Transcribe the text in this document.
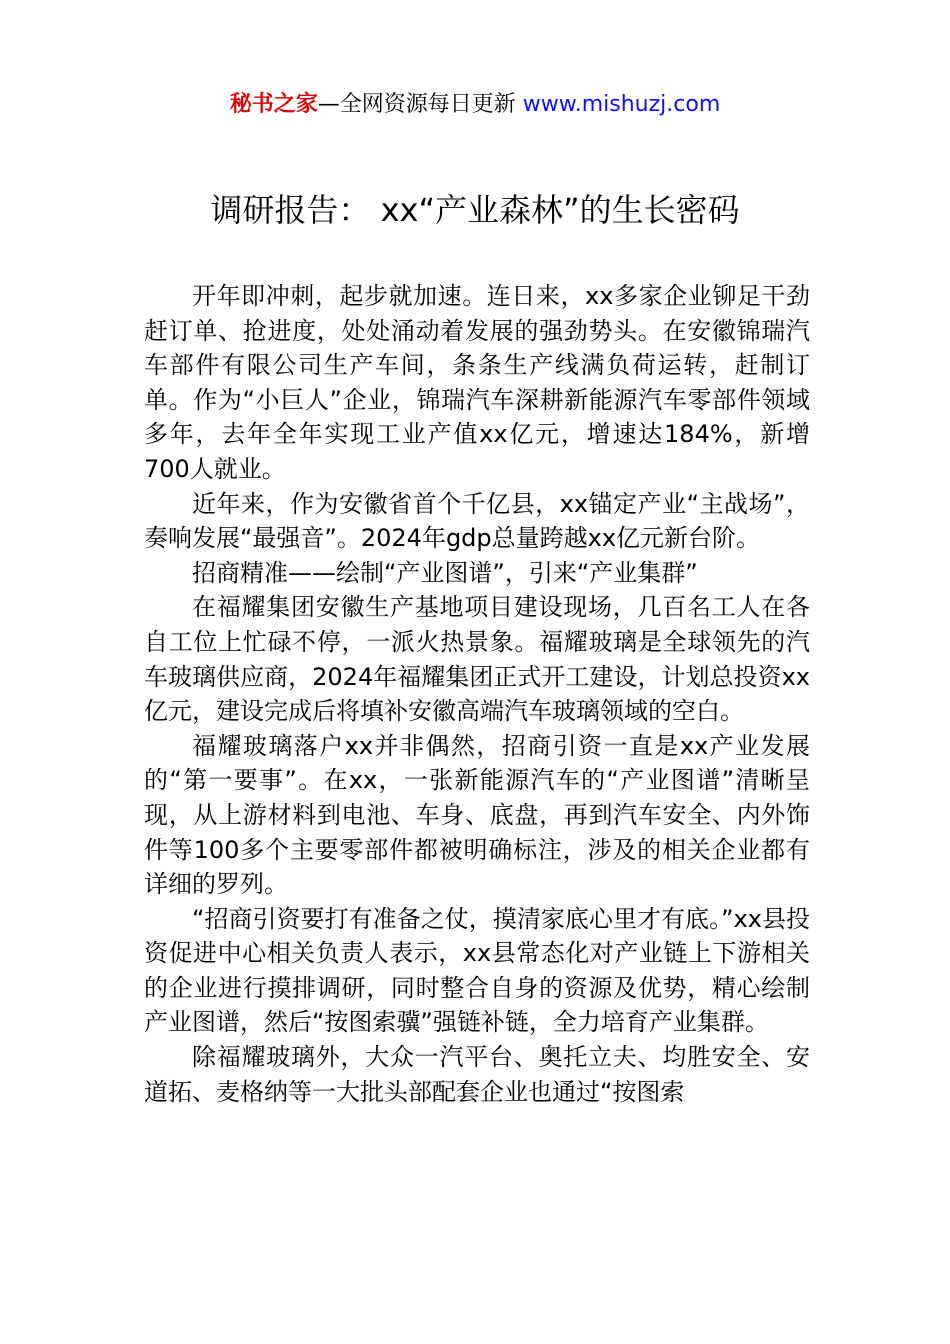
秘书之家—全网资源每日更新 www.mishuzj.com
调研报告： xx“产业森林”的生长密码

开年即冲刺，起步就加速。连日来，xx多家企业铆足干劲赶订单、抢进度，处处涌动着发展的强劲势头。在安徽锦瑞汽车部件有限公司生产车间，条条生产线满负荷运转，赶制订单。作为“小巨人”企业，锦瑞汽车深耕新能源汽车零部件领域多年，去年全年实现工业产值xx亿元，增速达184%，新增700人就业。

近年来，作为安徽省首个千亿县，xx锚定产业“主战场”，奏响发展“最强音”。2024年gdp总量跨越xx亿元新台阶。

招商精准——绘制“产业图谱”，引来“产业集群”

在福耀集团安徽生产基地项目建设现场，几百名工人在各自工位上忙碌不停，一派火热景象。福耀玻璃是全球领先的汽车玻璃供应商，2024年福耀集团正式开工建设，计划总投资xx亿元，建设完成后将填补安徽高端汽车玻璃领域的空白。

福耀玻璃落户xx并非偶然，招商引资一直是xx产业发展的“第一要事”。在xx，一张新能源汽车的“产业图谱”清晰呈现，从上游材料到电池、车身、底盘，再到汽车安全、内外饰件等100多个主要零部件都被明确标注，涉及的相关企业都有详细的罗列。

“招商引资要打有准备之仗，摸清家底心里才有底。”xx县投资促进中心相关负责人表示，xx县常态化对产业链上下游相关的企业进行摸排调研，同时整合自身的资源及优势，精心绘制产业图谱，然后“按图索骥”强链补链，全力培育产业集群。

除福耀玻璃外，大众一汽平台、奥托立夫、均胜安全、安道拓、麦格纳等一大批头部配套企业也通过“按图索
